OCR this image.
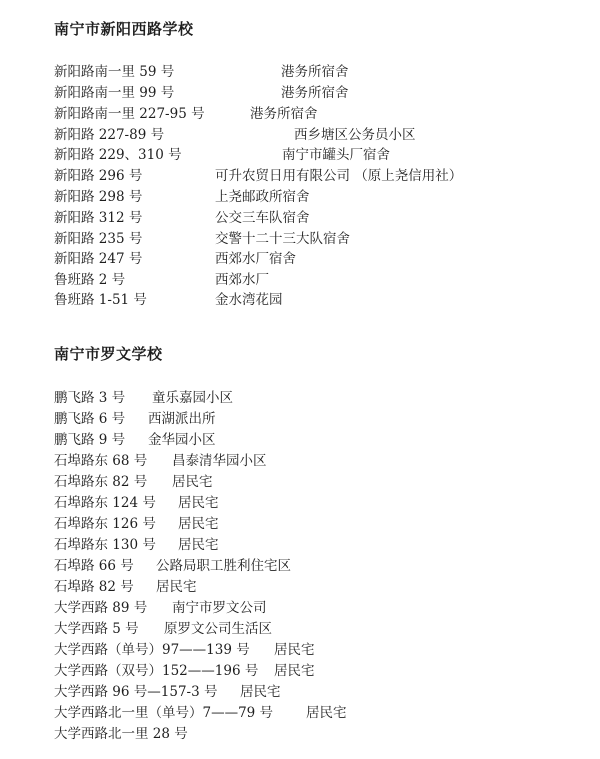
南宁市新阳西路学校
新阳路南一里 59 号	港务所宿舍
新阳路南一里 99 号	港务所宿舍
新阳路南一里 227-95 号	港务所宿舍
新阳路 227-89 号	西乡塘区公务员小区
新阳路 229、310 号	南宁市罐头厂宿舍
新阳路 296 号	可升农贸日用有限公司 （原上尧信用社）
新阳路 298 号	上尧邮政所宿舍
新阳路 312 号	公交三车队宿舍
新阳路 235 号	交警十二十三大队宿舍
新阳路 247 号	西郊水厂宿舍
鲁班路 2 号	西郊水厂
鲁班路 1-51 号	金水湾花园
南宁市罗文学校
鹏飞路 3 号 童乐嘉园小区
鹏飞路 6 号 西湖派出所
鹏飞路 9 号 金华园小区
石埠路东 68 号 昌泰清华园小区
石埠路东 82 号 居民宅
石埠路东 124 号 居民宅
石埠路东 126 号 居民宅
石埠路东 130 号 居民宅
石埠路 66 号 公路局职工胜利住宅区
石埠路 82 号 居民宅
大学西路 89 号 南宁市罗文公司
大学西路 5 号 原罗文公司生活区
大学西路（单号）97——139 号 居民宅
大学西路（双号）152——196 号 居民宅
大学西路 96 号—157-3 号 居民宅
大学西路北一里（单号）7——79 号 居民宅
大学西路北一里 28 号
